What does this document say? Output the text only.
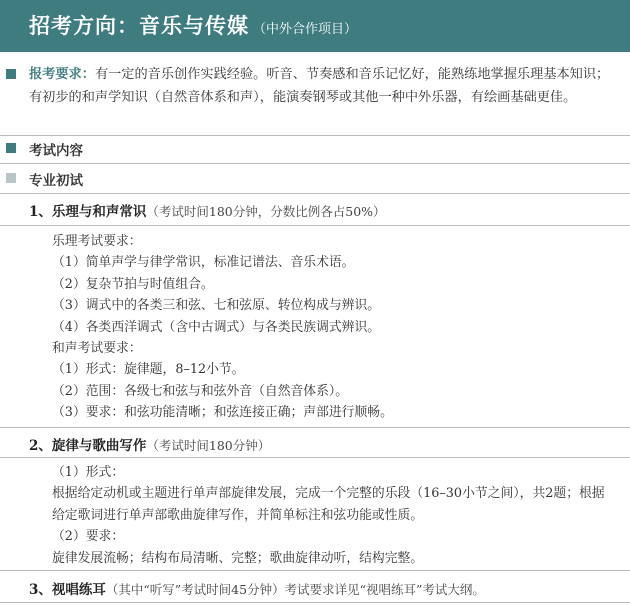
招考方向：音乐与传媒 （中外合作项目）
报考要求：有一定的音乐创作实践经验。听音、节奏感和音乐记忆好，能熟练地掌握乐理基本知识；有初步的和声学知识（自然音体系和声），能演奏钢琴或其他一种中外乐器，有绘画基础更佳。
考试内容
专业初试
1、乐理与和声常识（考试时间180分钟，分数比例各占50%）
乐理考试要求：
（1）简单声学与律学常识，标准记谱法、音乐术语。
（2）复杂节拍与时值组合。
（3）调式中的各类三和弦、七和弦原、转位构成与辨识。
（4）各类西洋调式（含中古调式）与各类民族调式辨识。
和声考试要求：
（1）形式：旋律题，8–12小节。
（2）范围：各级七和弦与和弦外音（自然音体系）。
（3）要求：和弦功能清晰；和弦连接正确；声部进行顺畅。
2、旋律与歌曲写作（考试时间180分钟）
（1）形式：
根据给定动机或主题进行单声部旋律发展，完成一个完整的乐段（16–30小节之间），共2题；根据给定歌词进行单声部歌曲旋律写作，并简单标注和弦功能或性质。
（2）要求：
旋律发展流畅；结构布局清晰、完整；歌曲旋律动听，结构完整。
3、视唱练耳（其中“听写”考试时间45分钟）考试要求详见“视唱练耳”考试大纲。
